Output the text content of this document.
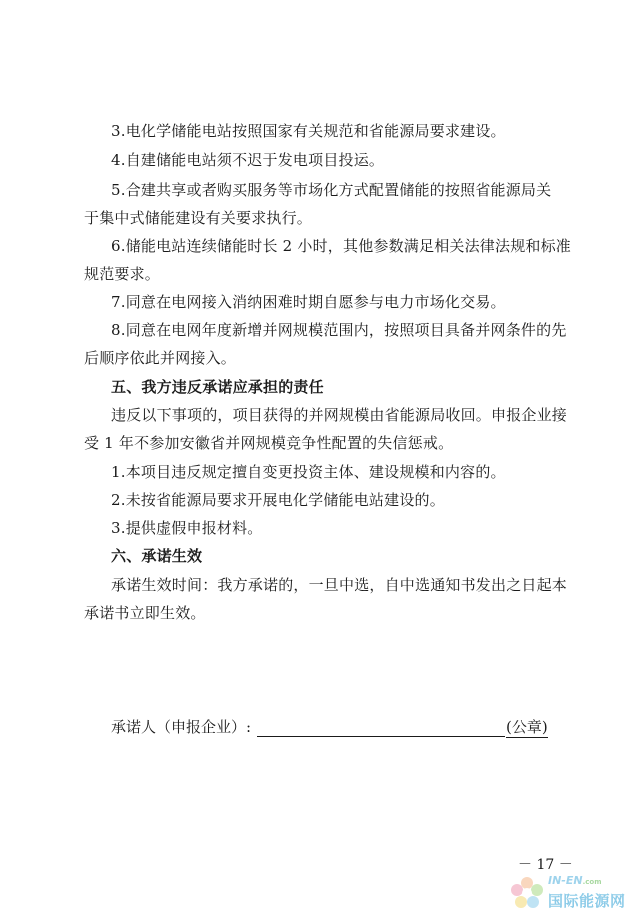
3.电化学储能电站按照国家有关规范和省能源局要求建设。
4.自建储能电站须不迟于发电项目投运。
5.合建共享或者购买服务等市场化方式配置储能的按照省能源局关
于集中式储能建设有关要求执行。
6.储能电站连续储能时长 2 小时，其他参数满足相关法律法规和标准
规范要求。
7.同意在电网接入消纳困难时期自愿参与电力市场化交易。
8.同意在电网年度新增并网规模范围内，按照项目具备并网条件的先
后顺序依此并网接入。
五、我方违反承诺应承担的责任
违反以下事项的，项目获得的并网规模由省能源局收回。申报企业接
受 1 年不参加安徽省并网规模竞争性配置的失信惩戒。
1.本项目违反规定擅自变更投资主体、建设规模和内容的。
2.未按省能源局要求开展电化学储能电站建设的。
3.提供虚假申报材料。
六、承诺生效
承诺生效时间：我方承诺的，一旦中选，自中选通知书发出之日起本
承诺书立即生效。
承诺人（申报企业）:	(公章)
－ 17 －
IN-EN.com
国际能源网
